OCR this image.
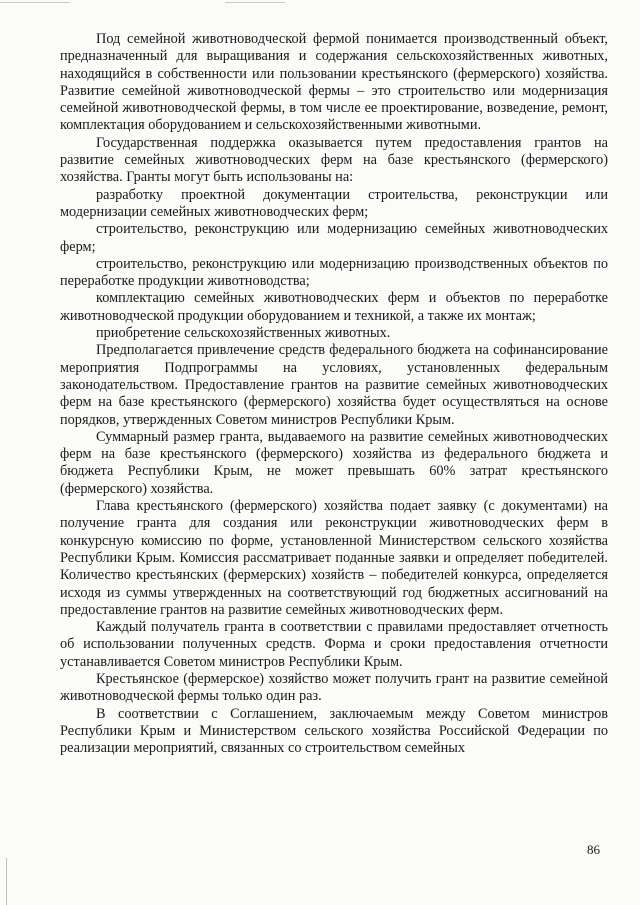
Под семейной животноводческой фермой понимается производственный объект, предназначенный для выращивания и содержания сельскохозяйственных животных, находящийся в собственности или пользовании крестьянского (фермерского) хозяйства. Развитие семейной животноводческой фермы – это строительство или модернизация семейной животноводческой фермы, в том числе ее проектирование, возведение, ремонт, комплектация оборудованием и сельскохозяйственными животными.

Государственная поддержка оказывается путем предоставления грантов на развитие семейных животноводческих ферм на базе крестьянского (фермерского) хозяйства. Гранты могут быть использованы на:

разработку проектной документации строительства, реконструкции или модернизации семейных животноводческих ферм;

строительство, реконструкцию или модернизацию семейных животноводческих ферм;

строительство, реконструкцию или модернизацию производственных объектов по переработке продукции животноводства;

комплектацию семейных животноводческих ферм и объектов по переработке животноводческой продукции оборудованием и техникой, а также их монтаж;

приобретение сельскохозяйственных животных.

Предполагается привлечение средств федерального бюджета на софинансирование мероприятия Подпрограммы на условиях, установленных федеральным законодательством. Предоставление грантов на развитие семейных животноводческих ферм на базе крестьянского (фермерского) хозяйства будет осуществляться на основе порядков, утвержденных Советом министров Республики Крым.

Суммарный размер гранта, выдаваемого на развитие семейных животноводческих ферм на базе крестьянского (фермерского) хозяйства из федерального бюджета и бюджета Республики Крым, не может превышать 60% затрат крестьянского (фермерского) хозяйства.

Глава крестьянского (фермерского) хозяйства подает заявку (с документами) на получение гранта для создания или реконструкции животноводческих ферм в конкурсную комиссию по форме, установленной Министерством сельского хозяйства Республики Крым. Комиссия рассматривает поданные заявки и определяет победителей. Количество крестьянских (фермерских) хозяйств – победителей конкурса, определяется исходя из суммы утвержденных на соответствующий год бюджетных ассигнований на предоставление грантов на развитие семейных животноводческих ферм.

Каждый получатель гранта в соответствии с правилами предоставляет отчетность об использовании полученных средств. Форма и сроки предоставления отчетности устанавливается Советом министров Республики Крым.

Крестьянское (фермерское) хозяйство может получить грант на развитие семейной животноводческой фермы только один раз.

В соответствии с Соглашением, заключаемым между Советом министров Республики Крым и Министерством сельского хозяйства Российской Федерации по реализации мероприятий, связанных со строительством семейных

86
